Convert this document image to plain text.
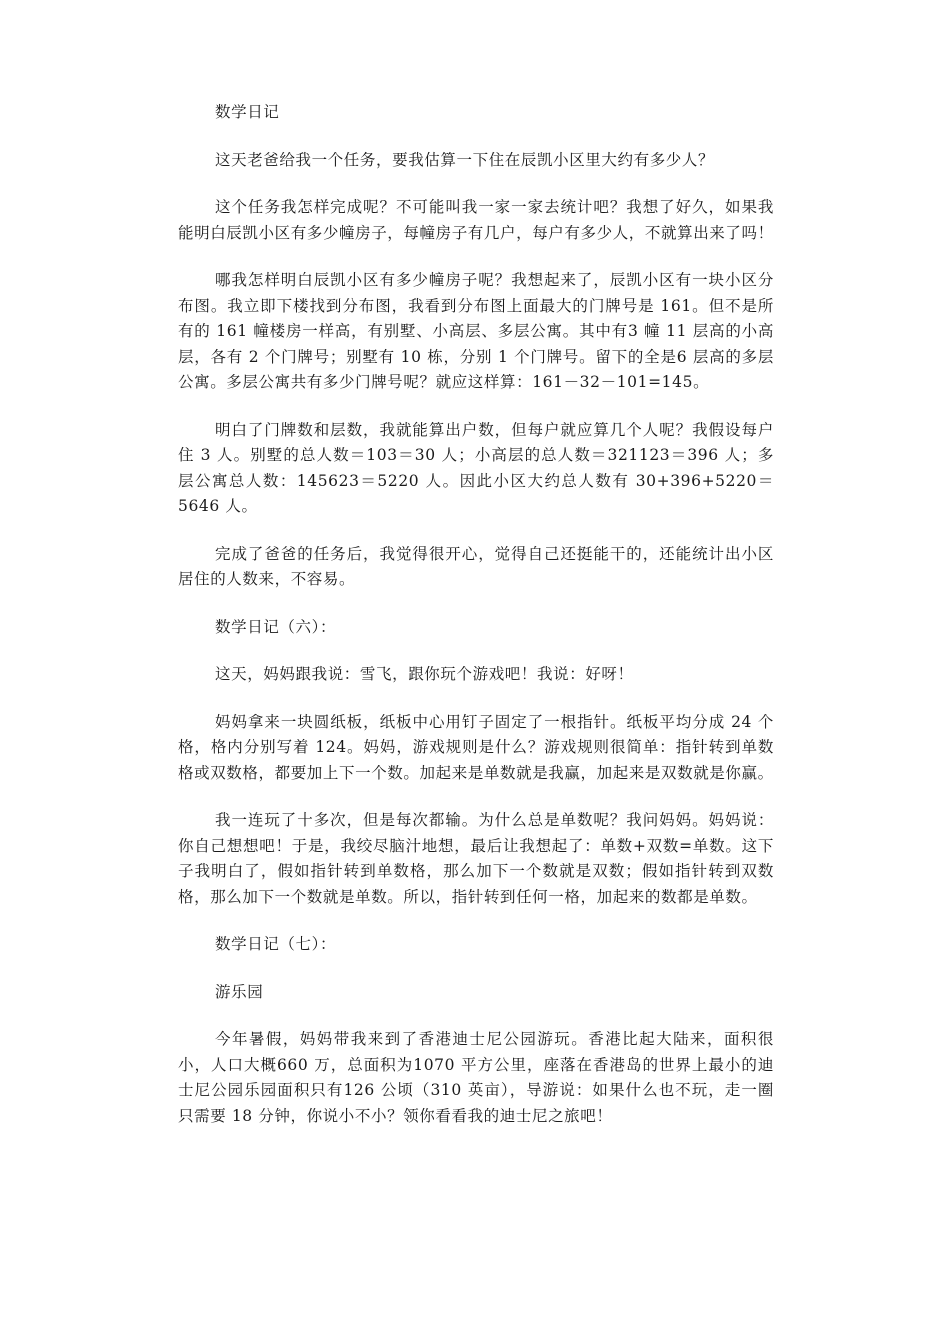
数学日记

这天老爸给我一个任务，要我估算一下住在辰凯小区里大约有多少人？

这个任务我怎样完成呢？不可能叫我一家一家去统计吧？我想了好久，如果我能明白辰凯小区有多少幢房子，每幢房子有几户，每户有多少人，不就算出来了吗！

哪我怎样明白辰凯小区有多少幢房子呢？我想起来了，辰凯小区有一块小区分布图。我立即下楼找到分布图，我看到分布图上面最大的门牌号是 161。但不是所有的 161 幢楼房一样高，有别墅、小高层、多层公寓。其中有3 幢 11 层高的小高层，各有 2 个门牌号；别墅有 10 栋，分别 1 个门牌号。留下的全是6 层高的多层公寓。多层公寓共有多少门牌号呢？就应这样算：161－32－101=145。

明白了门牌数和层数，我就能算出户数，但每户就应算几个人呢？我假设每户住 3 人。别墅的总人数＝103＝30 人；小高层的总人数＝321123＝396 人；多层公寓总人数：145623＝5220 人。因此小区大约总人数有 30+396+5220＝5646 人。

完成了爸爸的任务后，我觉得很开心，觉得自己还挺能干的，还能统计出小区居住的人数来，不容易。

数学日记（六）：

这天，妈妈跟我说：雪飞，跟你玩个游戏吧！我说：好呀！

妈妈拿来一块圆纸板，纸板中心用钉子固定了一根指针。纸板平均分成 24 个格，格内分别写着 124。妈妈，游戏规则是什么？游戏规则很简单：指针转到单数格或双数格，都要加上下一个数。加起来是单数就是我赢，加起来是双数就是你赢。

我一连玩了十多次，但是每次都输。为什么总是单数呢？我问妈妈。妈妈说：你自己想想吧！于是，我绞尽脑汁地想，最后让我想起了：单数+双数=单数。这下子我明白了，假如指针转到单数格，那么加下一个数就是双数；假如指针转到双数格，那么加下一个数就是单数。所以，指针转到任何一格，加起来的数都是单数。

数学日记（七）：

游乐园

今年暑假，妈妈带我来到了香港迪士尼公园游玩。香港比起大陆来，面积很小，人口大概660 万，总面积为1070 平方公里，座落在香港岛的世界上最小的迪士尼公园乐园面积只有126 公顷（310 英亩），导游说：如果什么也不玩，走一圈只需要 18 分钟，你说小不小？领你看看我的迪士尼之旅吧！
